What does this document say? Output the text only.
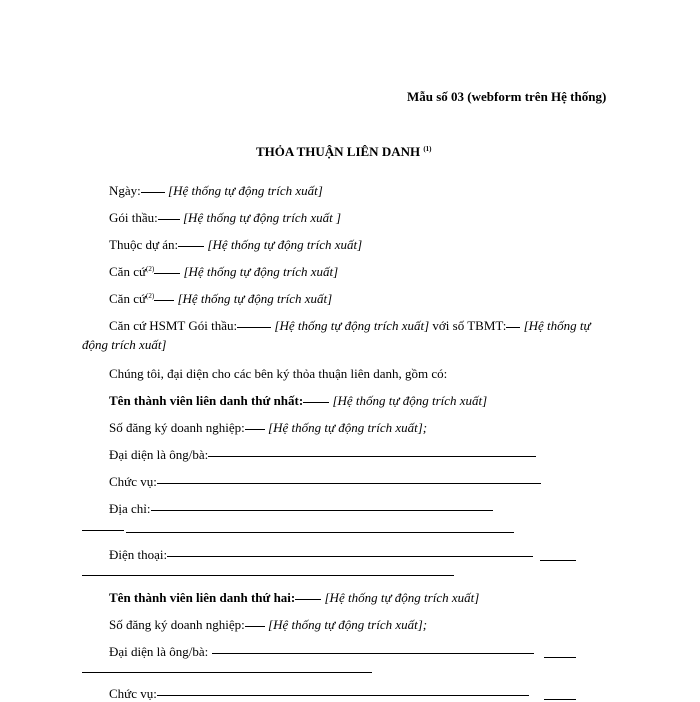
Mẫu số 03 (webform trên Hệ thống)
THỎA THUẬN LIÊN DANH $^{(1)}$
Ngày: [Hệ thống tự động trích xuất]
Gói thầu: [Hệ thống tự động trích xuất ]
Thuộc dự án: [Hệ thống tự động trích xuất]
Căn cứ$^{(2)}$ [Hệ thống tự động trích xuất]
Căn cứ$^{(2)}$ [Hệ thống tự động trích xuất]
Căn cứ HSMT Gói thầu:	[Hệ thống tự động trích xuất] với số TBMT: [Hệ thống tự
động trích xuất]
Chúng tôi, đại diện cho các bên ký thỏa thuận liên danh, gồm có:
Tên thành viên liên danh thứ nhất: [Hệ thống tự động trích xuất]
Số đăng ký doanh nghiệp: [Hệ thống tự động trích xuất];
Đại diện là ông/bà:
Chức vụ:
Địa chỉ:
Điện thoại:
Tên thành viên liên danh thứ hai: [Hệ thống tự động trích xuất]
Số đăng ký doanh nghiệp: [Hệ thống tự động trích xuất];
Đại diện là ông/bà:
Chức vụ:
